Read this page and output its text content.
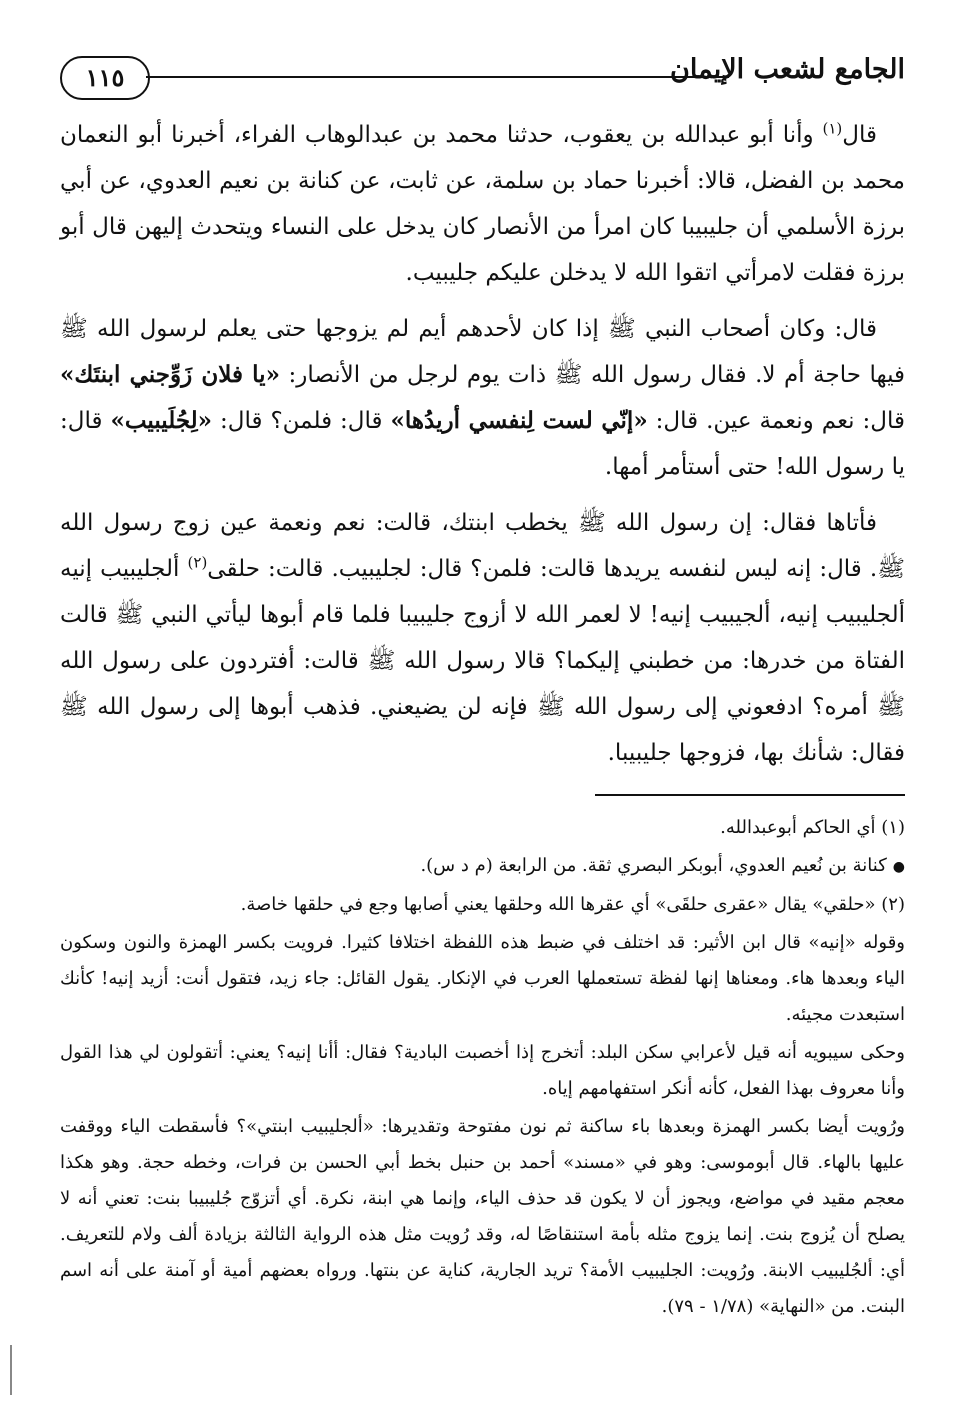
١١٥	الجامع لشعب الإيمان

قال$^{(١)}$ وأنا أبو عبدالله بن يعقوب، حدثنا محمد بن عبدالوهاب الفراء، أخبرنا أبو النعمان محمد بن الفضل، قالا: أخبرنا حماد بن سلمة، عن ثابت، عن كنانة بن نعيم العدوي، عن أبي برزة الأسلمي أن جليبيبا كان امرأ من الأنصار كان يدخل على النساء ويتحدث إليهن قال أبو برزة فقلت لامرأتي اتقوا الله لا يدخلن عليكم جليبيب.

قال: وكان أصحاب النبي ﷺ إذا كان لأحدهم أيم لم يزوجها حتى يعلم لرسول الله ﷺ فيها حاجة أم لا. فقال رسول الله ﷺ ذات يوم لرجل من الأنصار: «يا فلان زَوِّجني ابنتَك» قال: نعم ونعمة عين. قال: «إنّي لست لِنفسي أريدُها» قال: فلمن؟ قال: «لِجُلَيبيب» قال: يا رسول الله! حتى أستأمر أمها.

فأتاها فقال: إن رسول الله ﷺ يخطب ابنتك، قالت: نعم ونعمة عين زوج رسول الله ﷺ. قال: إنه ليس لنفسه يريدها قالت: فلمن؟ قال: لجليبيب. قالت: حلقى$^{(٢)}$ ألجليبيب إنيه ألجليبيب إنيه، ألجيبيب إنيه! لا لعمر الله لا أزوج جليبيبا فلما قام أبوها ليأتي النبي ﷺ قالت الفتاة من خدرها: من خطبني إليكما؟ قالا رسول الله ﷺ قالت: أفتردون على رسول الله ﷺ أمره؟ ادفعوني إلى رسول الله ﷺ فإنه لن يضيعني. فذهب أبوها إلى رسول الله ﷺ فقال: شأنك بها، فزوجها جليبيبا.

(١) أي الحاكم أبوعبدالله.

●كنانة بن نُعيم العدوي، أبوبكر البصري ثقة. من الرابعة (م د س).

(٢) «حلقي» يقال «عقرى حلقَى» أي عقرها الله وحلقها يعني أصابها وجع في حلقها خاصة.

وقوله «إنيه» قال ابن الأثير: قد اختلف في ضبط هذه اللفظة اختلافا كثيرا. فرويت بكسر الهمزة والنون وسكون الياء وبعدها هاء. ومعناها إنها لفظة تستعملها العرب في الإنكار. يقول القائل: جاء زيد، فتقول أنت: أزيد إنيه! كأنك استبعدت مجيئه.

وحكى سيبويه أنه قيل لأعرابي سكن البلد: أتخرج إذا أخصبت البادية؟ فقال: أأنا إنيه؟ يعني: أتقولون لي هذا القول وأنا معروف بهذا الفعل، كأنه أنكر استفهامهم إياه.

ورُويت أيضا بكسر الهمزة وبعدها باء ساكنة ثم نون مفتوحة وتقديرها: «ألجليبيب ابنتي»؟ فأسقطت الياء ووقفت عليها بالهاء. قال أبوموسى: وهو في «مسند» أحمد بن حنبل بخط أبي الحسن بن فرات، وخطه حجة. وهو هكذا معجم مقيد في مواضع، ويجوز أن لا يكون قد حذف الياء، وإنما هي ابنة، نكرة. أي أتزوّج جُليبيبا بنت: تعني أنه لا يصلح أن يُزوج بنت. إنما يزوج مثله بأمة استنقاصًا له، وقد رُويت مثل هذه الرواية الثالثة بزيادة ألف ولام للتعريف. أي: ألجُليبيب الابنة. ورُويت: الجليبيب الأمة؟ تريد الجارية، كناية عن بنتها. ورواه بعضهم أمية أو آمنة على أنه اسم البنت. من «النهاية» (١/٧٨ - ٧٩).
